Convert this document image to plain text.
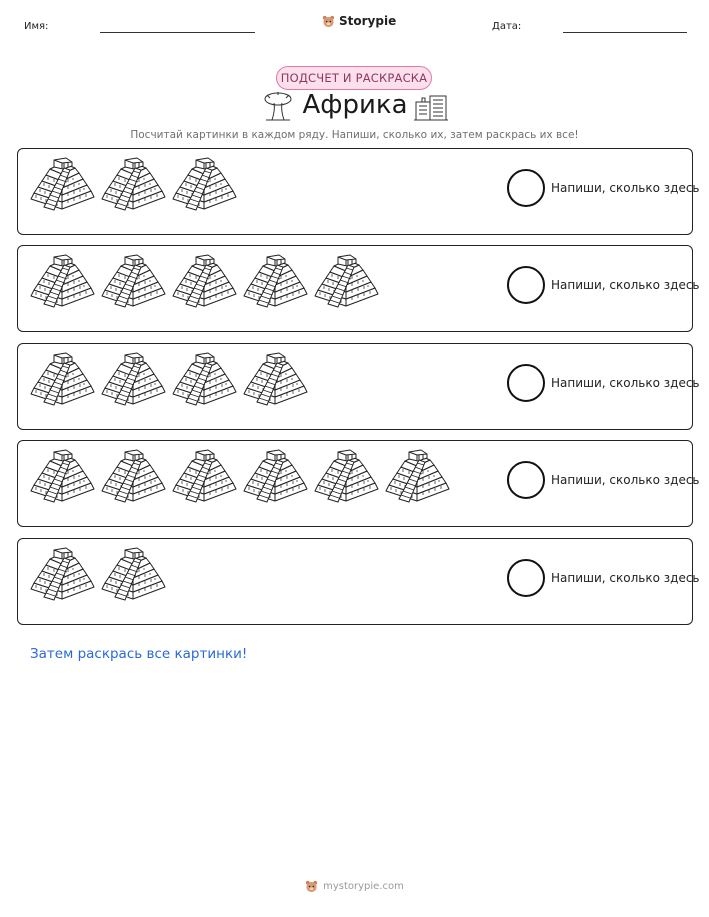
Имя:	Storypie	Дата:
ПОДСЧЕТ И РАСКРАСКА
Африка
Посчитай картинки в каждом ряду. Напиши, сколько их, затем раскрась их все!
Напиши, сколько здесь
Напиши, сколько здесь
Напиши, сколько здесь
Напиши, сколько здесь
Напиши, сколько здесь
Затем раскрась все картинки!
mystorypie.com
